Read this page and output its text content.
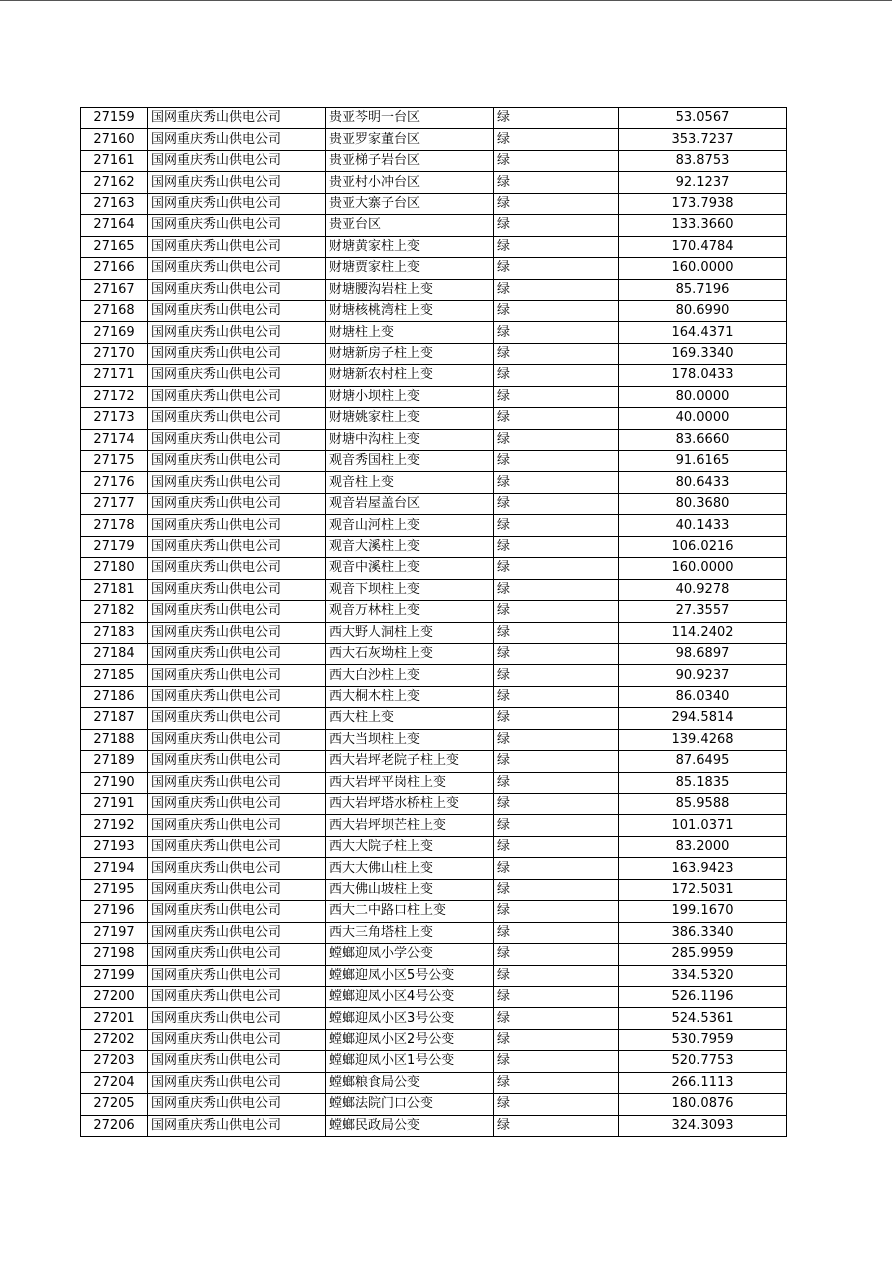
27159	国网重庆秀山供电公司	贵亚芩明一台区	绿	53.0567
27160	国网重庆秀山供电公司	贵亚罗家董台区	绿	353.7237
27161	国网重庆秀山供电公司	贵亚梯子岩台区	绿	83.8753
27162	国网重庆秀山供电公司	贵亚村小冲台区	绿	92.1237
27163	国网重庆秀山供电公司	贵亚大寨子台区	绿	173.7938
27164	国网重庆秀山供电公司	贵亚台区	绿	133.3660
27165	国网重庆秀山供电公司	财塘黄家柱上变	绿	170.4784
27166	国网重庆秀山供电公司	财塘贾家柱上变	绿	160.0000
27167	国网重庆秀山供电公司	财塘腰沟岩柱上变	绿	85.7196
27168	国网重庆秀山供电公司	财塘核桃湾柱上变	绿	80.6990
27169	国网重庆秀山供电公司	财塘柱上变	绿	164.4371
27170	国网重庆秀山供电公司	财塘新房子柱上变	绿	169.3340
27171	国网重庆秀山供电公司	财塘新农村柱上变	绿	178.0433
27172	国网重庆秀山供电公司	财塘小坝柱上变	绿	80.0000
27173	国网重庆秀山供电公司	财塘姚家柱上变	绿	40.0000
27174	国网重庆秀山供电公司	财塘中沟柱上变	绿	83.6660
27175	国网重庆秀山供电公司	观音秀国柱上变	绿	91.6165
27176	国网重庆秀山供电公司	观音柱上变	绿	80.6433
27177	国网重庆秀山供电公司	观音岩屋盖台区	绿	80.3680
27178	国网重庆秀山供电公司	观音山河柱上变	绿	40.1433
27179	国网重庆秀山供电公司	观音大溪柱上变	绿	106.0216
27180	国网重庆秀山供电公司	观音中溪柱上变	绿	160.0000
27181	国网重庆秀山供电公司	观音下坝柱上变	绿	40.9278
27182	国网重庆秀山供电公司	观音万林柱上变	绿	27.3557
27183	国网重庆秀山供电公司	西大野人洞柱上变	绿	114.2402
27184	国网重庆秀山供电公司	西大石灰坳柱上变	绿	98.6897
27185	国网重庆秀山供电公司	西大白沙柱上变	绿	90.9237
27186	国网重庆秀山供电公司	西大桐木柱上变	绿	86.0340
27187	国网重庆秀山供电公司	西大柱上变	绿	294.5814
27188	国网重庆秀山供电公司	西大当坝柱上变	绿	139.4268
27189	国网重庆秀山供电公司	西大岩坪老院子柱上变	绿	87.6495
27190	国网重庆秀山供电公司	西大岩坪平岗柱上变	绿	85.1835
27191	国网重庆秀山供电公司	西大岩坪塔水桥柱上变	绿	85.9588
27192	国网重庆秀山供电公司	西大岩坪坝芒柱上变	绿	101.0371
27193	国网重庆秀山供电公司	西大大院子柱上变	绿	83.2000
27194	国网重庆秀山供电公司	西大大佛山柱上变	绿	163.9423
27195	国网重庆秀山供电公司	西大佛山坡柱上变	绿	172.5031
27196	国网重庆秀山供电公司	西大二中路口柱上变	绿	199.1670
27197	国网重庆秀山供电公司	西大三角塔柱上变	绿	386.3340
27198	国网重庆秀山供电公司	螳螂迎凤小学公变	绿	285.9959
27199	国网重庆秀山供电公司	螳螂迎凤小区5号公变	绿	334.5320
27200	国网重庆秀山供电公司	螳螂迎凤小区4号公变	绿	526.1196
27201	国网重庆秀山供电公司	螳螂迎凤小区3号公变	绿	524.5361
27202	国网重庆秀山供电公司	螳螂迎凤小区2号公变	绿	530.7959
27203	国网重庆秀山供电公司	螳螂迎凤小区1号公变	绿	520.7753
27204	国网重庆秀山供电公司	螳螂粮食局公变	绿	266.1113
27205	国网重庆秀山供电公司	螳螂法院门口公变	绿	180.0876
27206	国网重庆秀山供电公司	螳螂民政局公变	绿	324.3093
